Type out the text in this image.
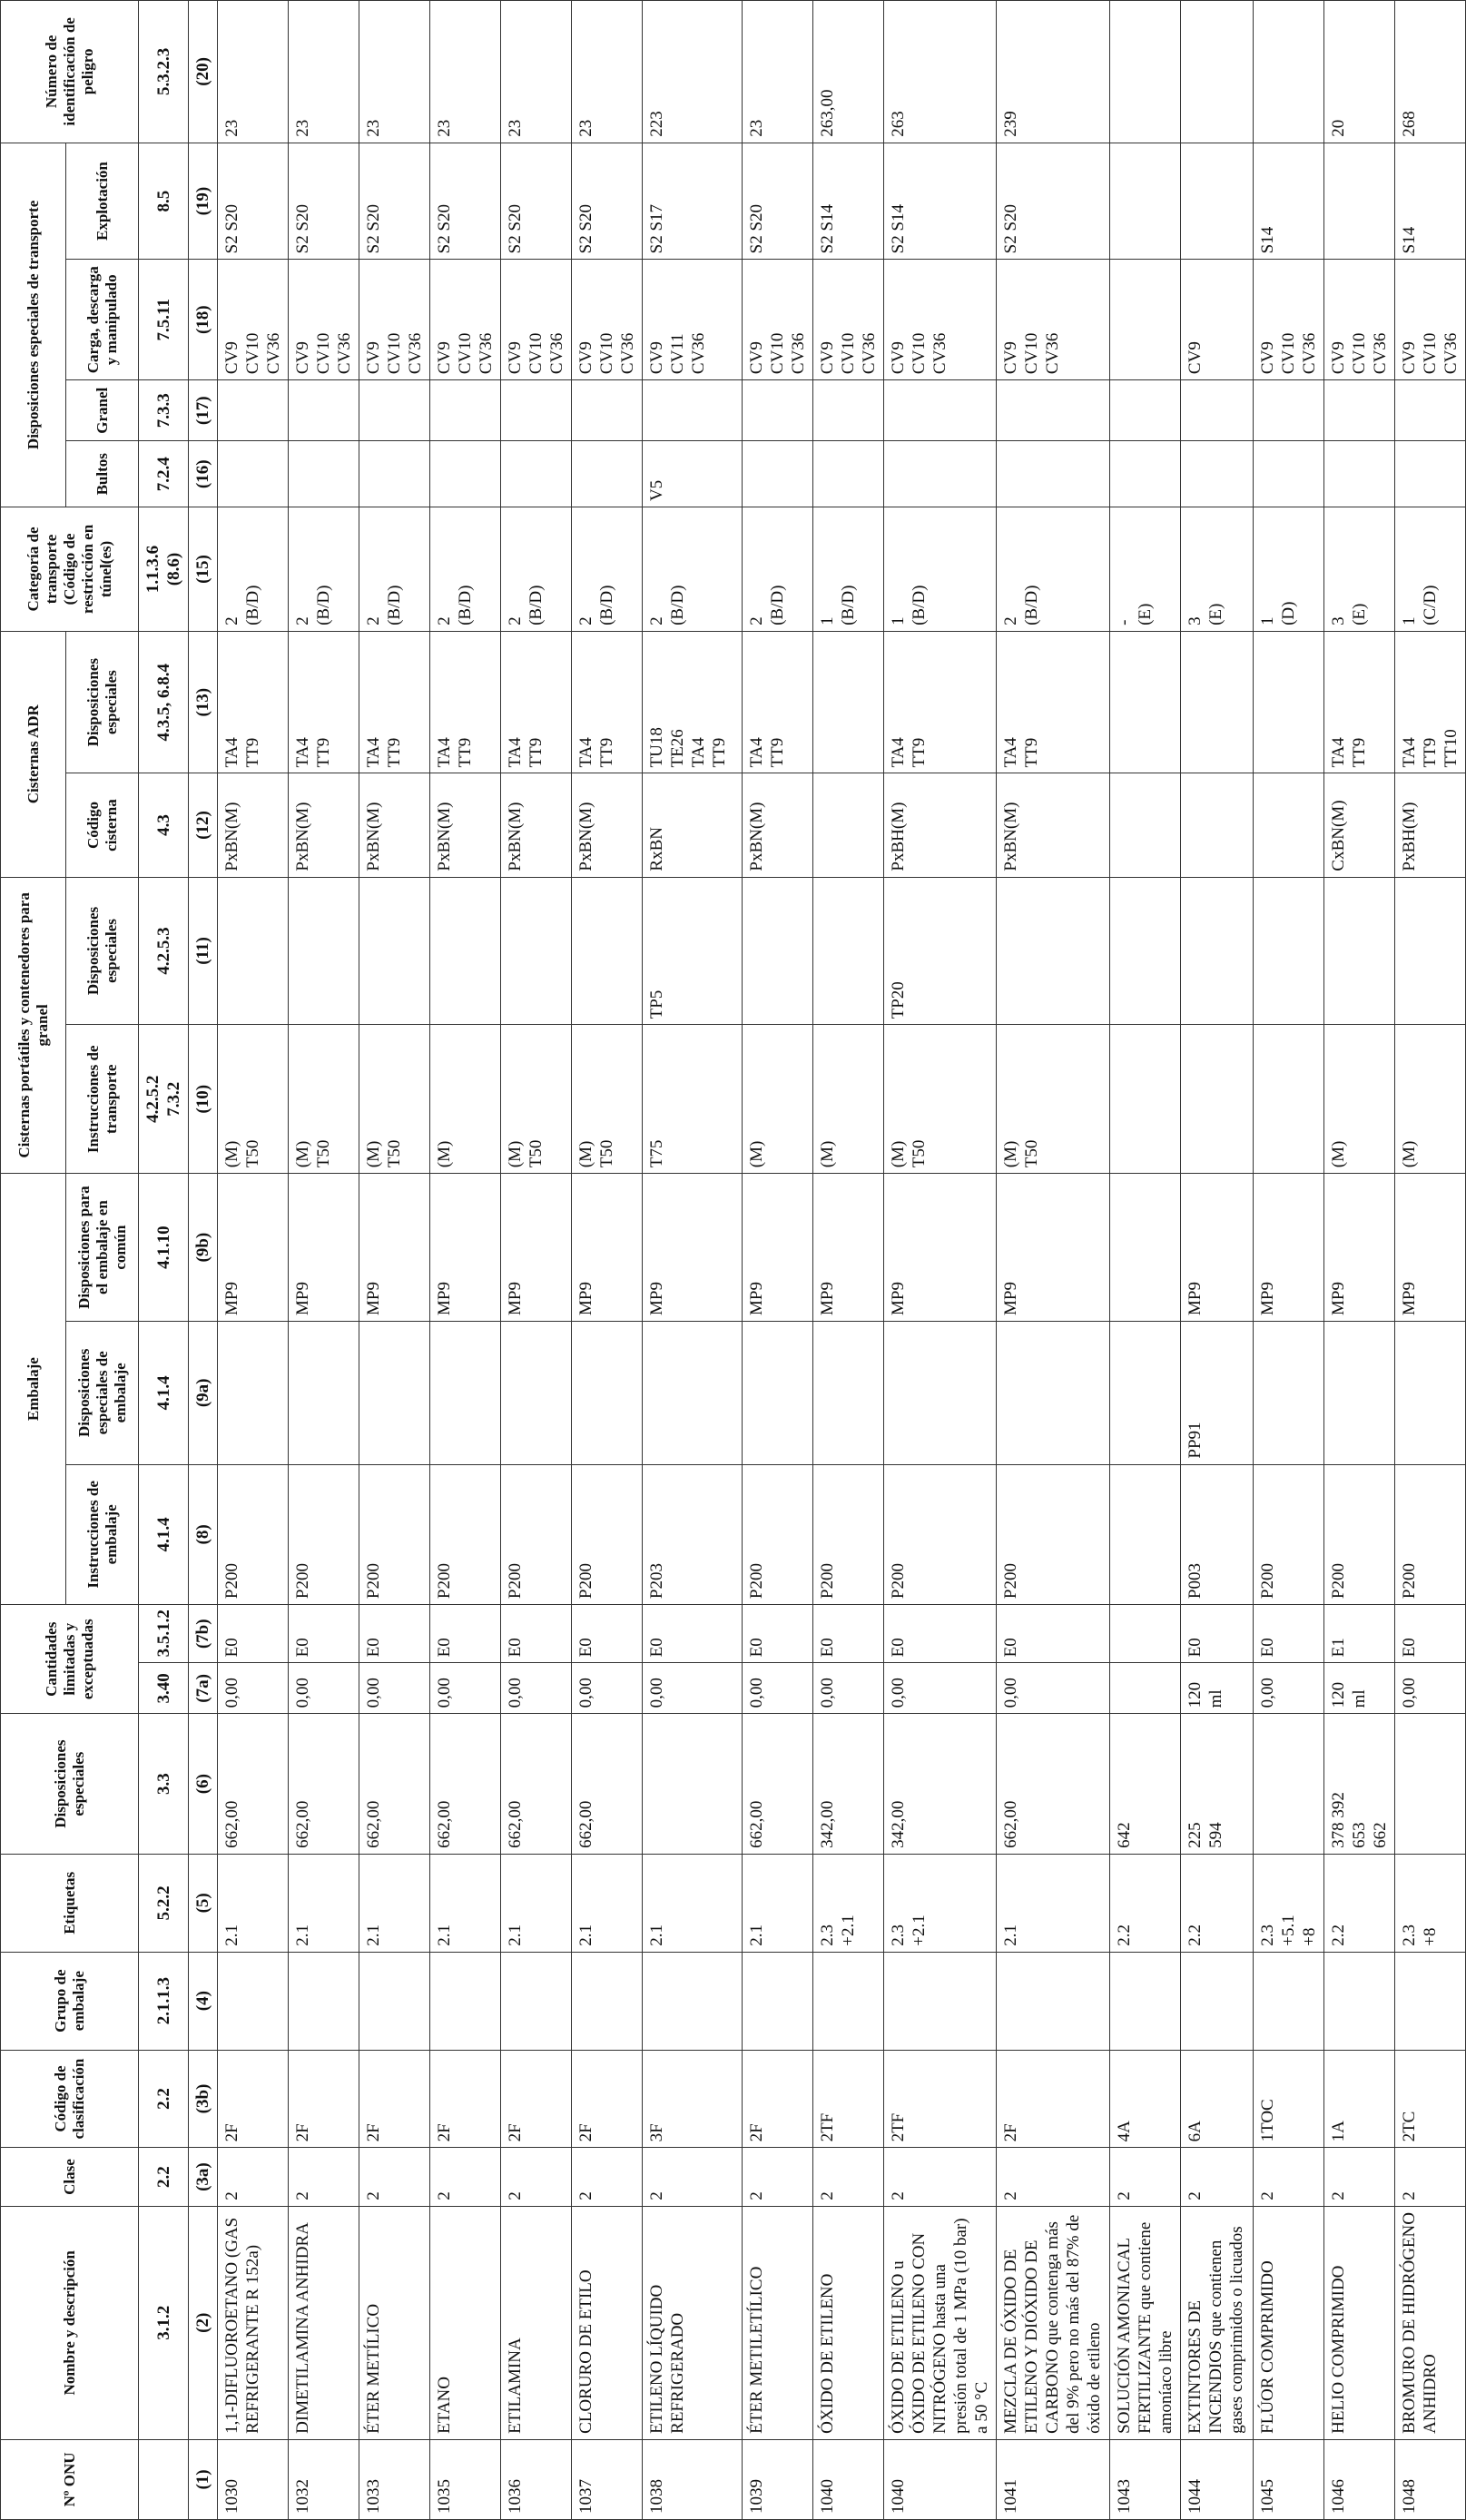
Nº ONU	Nombre y descripción	Clase	Código de clasificación	Grupo de embalaje	Etiquetas	Disposiciones especiales	Cantidades limitadas y exceptuadas		Embalaje			Cisternas portátiles y contenedores para granel		Cisternas ADR		Categoría de transporte (Código de restricción en túnel(es)	Disposiciones especiales de transporte				Número de identificación de peligro
									Instrucciones de embalaje	Disposiciones especiales de embalaje	Disposiciones para el embalaje en común	Instrucciones de transporte	Disposiciones especiales	Código cisterna	Disposiciones especiales		Bultos	Granel	Carga, descarga y manipulado	Explotación	
	3.1.2	2.2	2.2	2.1.1.3	5.2.2	3.3	3.40	3.5.1.2	4.1.4	4.1.4	4.1.10	4.2.5.2 7.3.2	4.2.5.3	4.3	4.3.5, 6.8.4	1.1.3.6 (8.6)	7.2.4	7.3.3	7.5.11	8.5	5.3.2.3
(1)	(2)	(3a)	(3b)	(4)	(5)	(6)	(7a)	(7b)	(8)	(9a)	(9b)	(10)	(11)	(12)	(13)	(15)	(16)	(17)	(18)	(19)	(20)
1030	1,1-DIFLUOROETANO (GAS REFRIGERANTE R 152a)	2	2F		2.1	662,00	0,00	E0	P200		MP9	(M) T50		PxBN(M)	TA4 TT9	2 (B/D)			CV9 CV10 CV36	S2 S20	23
1032	DIMETILAMINA ANHIDRA	2	2F		2.1	662,00	0,00	E0	P200		MP9	(M) T50		PxBN(M)	TA4 TT9	2 (B/D)			CV9 CV10 CV36	S2 S20	23
1033	ÉTER METÍLICO	2	2F		2.1	662,00	0,00	E0	P200		MP9	(M) T50		PxBN(M)	TA4 TT9	2 (B/D)			CV9 CV10 CV36	S2 S20	23
1035	ETANO	2	2F		2.1	662,00	0,00	E0	P200		MP9	(M)		PxBN(M)	TA4 TT9	2 (B/D)			CV9 CV10 CV36	S2 S20	23
1036	ETILAMINA	2	2F		2.1	662,00	0,00	E0	P200		MP9	(M) T50		PxBN(M)	TA4 TT9	2 (B/D)			CV9 CV10 CV36	S2 S20	23
1037	CLORURO DE ETILO	2	2F		2.1	662,00	0,00	E0	P200		MP9	(M) T50		PxBN(M)	TA4 TT9	2 (B/D)			CV9 CV10 CV36	S2 S20	23
1038	ETILENO LÍQUIDO REFRIGERADO	2	3F		2.1		0,00	E0	P203		MP9	T75	TP5	RxBN	TU18 TE26 TA4 TT9	2 (B/D)	V5		CV9 CV11 CV36	S2 S17	223
1039	ÉTER METILETÍLICO	2	2F		2.1	662,00	0,00	E0	P200		MP9	(M)		PxBN(M)	TA4 TT9	2 (B/D)			CV9 CV10 CV36	S2 S20	23
1040	ÓXIDO DE ETILENO	2	2TF		2.3 +2.1	342,00	0,00	E0	P200		MP9	(M)				1 (B/D)			CV9 CV10 CV36	S2 S14	263,00
1040	ÓXIDO DE ETILENO u ÓXIDO DE ETILENO CON NITRÓGENO hasta una presión total de 1 MPa (10 bar) a 50 °C	2	2TF		2.3 +2.1	342,00	0,00	E0	P200		MP9	(M) T50	TP20	PxBH(M)	TA4 TT9	1 (B/D)			CV9 CV10 CV36	S2 S14	263
1041	MEZCLA DE ÓXIDO DE ETILENO Y DIÓXIDO DE CARBONO que contenga más del 9% pero no más del 87% de óxido de etileno	2	2F		2.1	662,00	0,00	E0	P200		MP9	(M) T50		PxBN(M)	TA4 TT9	2 (B/D)			CV9 CV10 CV36	S2 S20	239
1043	SOLUCIÓN AMONIACAL FERTILIZANTE que contiene amoníaco libre	2	4A		2.2	642										- (E)					

1044	EXTINTORES DE INCENDIOS que contienen gases comprimidos o licuados	2	6A		2.2	225 594	120 ml	E0	P003	PP91	MP9					3 (E)			CV9		
1045	FLÚOR COMPRIMIDO	2	1TOC		2.3 +5.1 +8		0,00	E0	P200		MP9					1 (D)			CV9 CV10 CV36	S14	
1046	HELIO COMPRIMIDO	2	1A		2.2	378 392 653 662	120 ml	E1	P200		MP9	(M)		CxBN(M)	TA4 TT9	3 (E)			CV9 CV10 CV36		20
1048	BROMURO DE HIDRÓGENO ANHIDRO	2	2TC		2.3 +8		0,00	E0	P200		MP9	(M)		PxBH(M)	TA4 TT9 TT10	1 (C/D)			CV9 CV10 CV36	S14	268
